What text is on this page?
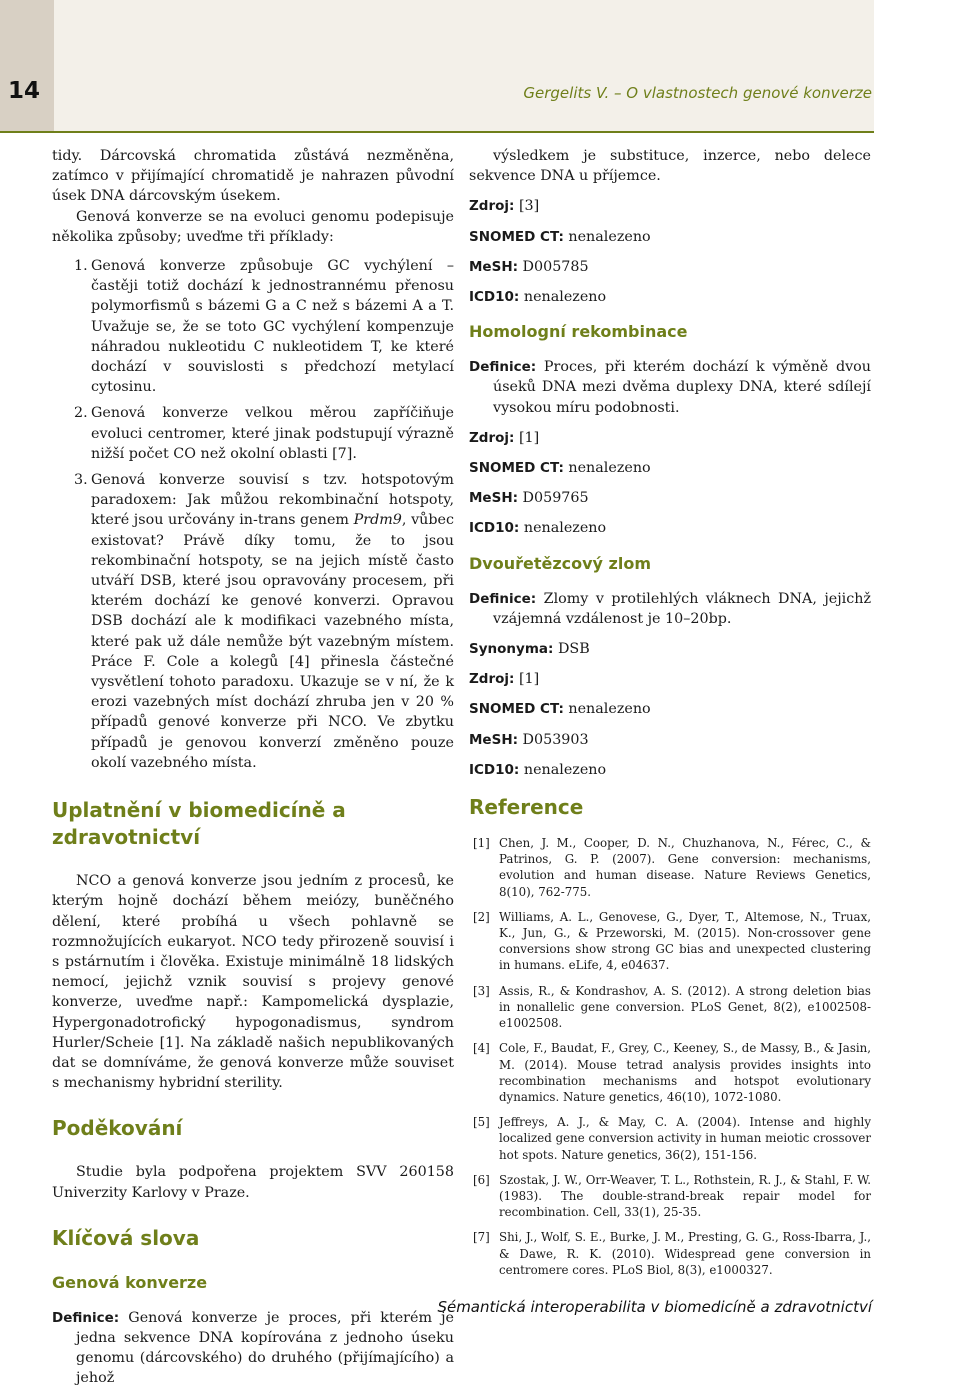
14	Gergelits V. – O vlastnostech genové konverze

tidy. Dárcovská chromatida zůstává nezměněna, zatímco v přijímající chromatidě je nahrazen původní úsek DNA dárcovským úsekem.

Genová konverze se na evoluci genomu podepisuje několika způsoby; uveďme tři příklady:

1. Genová konverze způsobuje GC vychýlení – častěji totiž dochází k jednostrannému přenosu polymorfismů s bázemi G a C než s bázemi A a T. Uvažuje se, že se toto GC vychýlení kompenzuje náhradou nukleotidu C nukleotidem T, ke které dochází v souvislosti s předchozí metylací cytosinu.

2. Genová konverze velkou měrou zapříčiňuje evoluci centromer, které jinak podstupují výrazně nižší počet CO než okolní oblasti [7].

3. Genová konverze souvisí s tzv. hotspotovým paradoxem: Jak můžou rekombinační hotspoty, které jsou určovány in-trans genem Prdm9, vůbec existovat? Právě díky tomu, že to jsou rekombinační hotspoty, se na jejich místě často utváří DSB, které jsou opravovány procesem, při kterém dochází ke genové konverzi. Opravou DSB dochází ale k modifikaci vazebného místa, které pak už dále nemůže být vazebným místem. Práce F. Cole a kolegů [4] přinesla částečné vysvětlení tohoto paradoxu. Ukazuje se v ní, že k erozi vazebných míst dochází zhruba jen v 20 % případů genové konverze při NCO. Ve zbytku případů je genovou konverzí změněno pouze okolí vazebného místa.

Uplatnění v biomedicíně a zdravotnictví

NCO a genová konverze jsou jedním z procesů, ke kterým hojně dochází během meiózy, buněčného dělení, které probíhá u všech pohlavně se rozmnožujících eukaryot. NCO tedy přirozeně souvisí i s pstárnutím i člověka. Existuje minimálně 18 lidských nemocí, jejichž vznik souvisí s projevy genové konverze, uveďme např.: Kampomelická dysplazie, Hypergonadotrofický hypogonadismus, syndrom Hurler/Scheie [1]. Na základě našich nepublikovaných dat se domníváme, že genová konverze může souviset s mechanismy hybridní sterility.

Poděkování

Studie byla podpořena projektem SVV 260158 Univerzity Karlovy v Praze.

Klíčová slova
Genová konverze

Definice: Genová konverze je proces, při kterém je jedna sekvence DNA kopírována z jednoho úseku genomu (dárcovského) do druhého (přijímajícího) a jehož

výsledkem je substituce, inzerce, nebo delece sekvence DNA u příjemce.

Zdroj: [3]

SNOMED CT: nenalezeno

MeSH: D005785

ICD10: nenalezeno

Homologní rekombinace

Definice: Proces, při kterém dochází k výměně dvou úseků DNA mezi dvěma duplexy DNA, které sdílejí vysokou míru podobnosti.

Zdroj: [1]

SNOMED CT: nenalezeno

MeSH: D059765

ICD10: nenalezeno

Dvouřetězcový zlom

Definice: Zlomy v protilehlých vláknech DNA, jejichž vzájemná vzdálenost je 10–20bp.

Synonyma: DSB

Zdroj: [1]

SNOMED CT: nenalezeno

MeSH: D053903

ICD10: nenalezeno

Reference
[1] Chen, J. M., Cooper, D. N., Chuzhanova, N., Férec, C., & Patrinos, G. P. (2007). Gene conversion: mechanisms, evolution and human disease. Nature Reviews Genetics, 8(10), 762-775.
[2] Williams, A. L., Genovese, G., Dyer, T., Altemose, N., Truax, K., Jun, G., & Przeworski, M. (2015). Non-crossover gene conversions show strong GC bias and unexpected clustering in humans. eLife, 4, e04637.
[3] Assis, R., & Kondrashov, A. S. (2012). A strong deletion bias in nonallelic gene conversion. PLoS Genet, 8(2), e1002508-e1002508.
[4] Cole, F., Baudat, F., Grey, C., Keeney, S., de Massy, B., & Jasin, M. (2014). Mouse tetrad analysis provides insights into recombination mechanisms and hotspot evolutionary dynamics. Nature genetics, 46(10), 1072-1080.
[5] Jeffreys, A. J., & May, C. A. (2004). Intense and highly localized gene conversion activity in human meiotic crossover hot spots. Nature genetics, 36(2), 151-156.
[6] Szostak, J. W., Orr-Weaver, T. L., Rothstein, R. J., & Stahl, F. W. (1983). The double-strand-break repair model for recombination. Cell, 33(1), 25-35.
[7] Shi, J., Wolf, S. E., Burke, J. M., Presting, G. G., Ross-Ibarra, J., & Dawe, R. K. (2010). Widespread gene conversion in centromere cores. PLoS Biol, 8(3), e1000327.
Sémantická interoperabilita v biomedicíně a zdravotnictví
